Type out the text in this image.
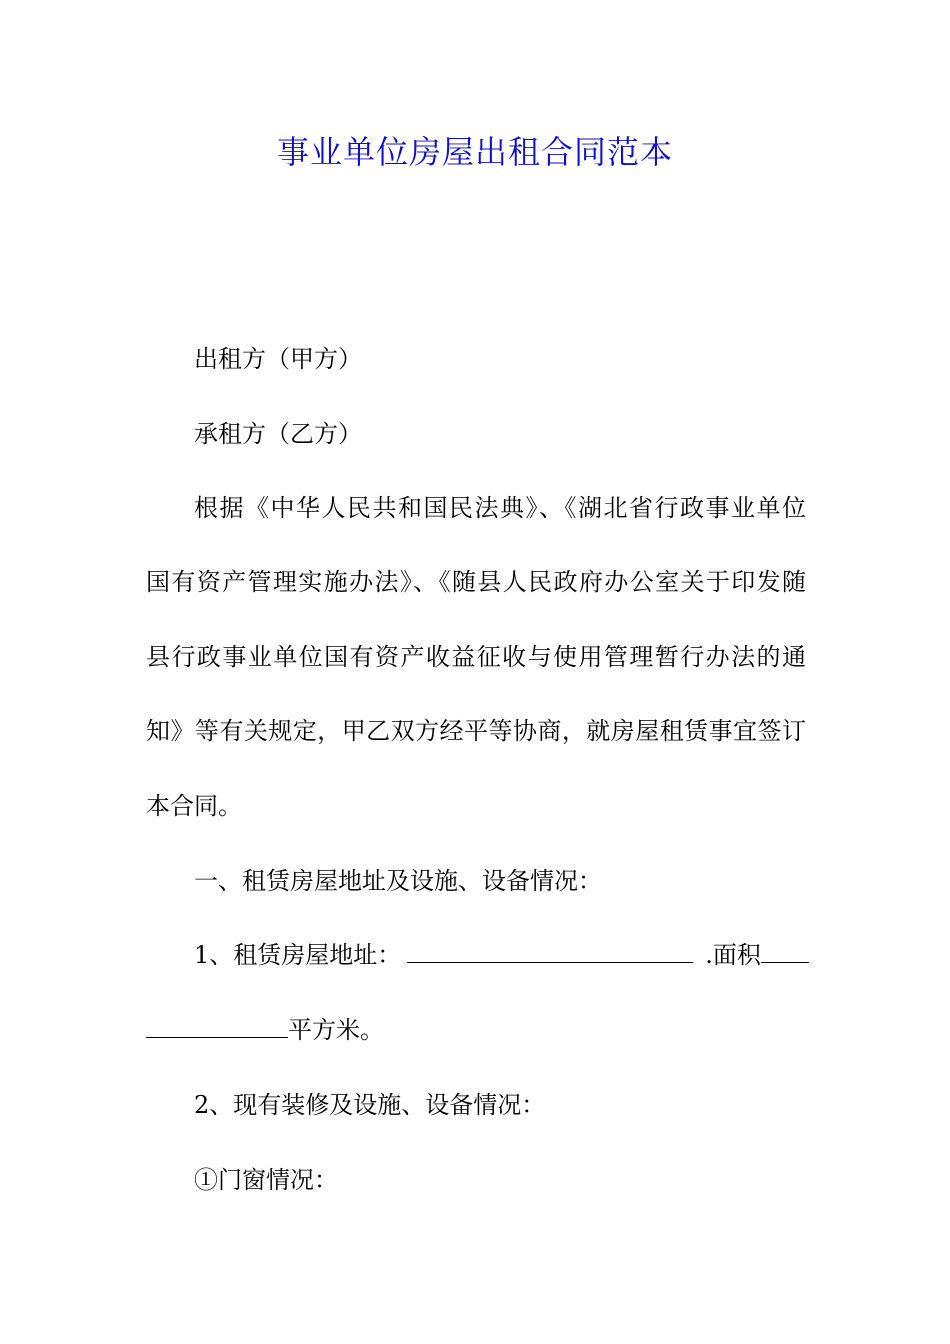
事业单位房屋出租合同范本
出租方（甲方）
承租方（乙方）
根据《中华人民共和国民法典》、《湖北省行政事业单位
国有资产管理实施办法》、《随县人民政府办公室关于印发随
县行政事业单位国有资产收益征收与使用管理暂行办法的通
知》等有关规定，甲乙双方经平等协商，就房屋租赁事宜签订
本合同。
一、租赁房屋地址及设施、设备情况：
1、租赁房屋地址：	.面积
平方米。
2、现有装修及设施、设备情况：
①门窗情况：
